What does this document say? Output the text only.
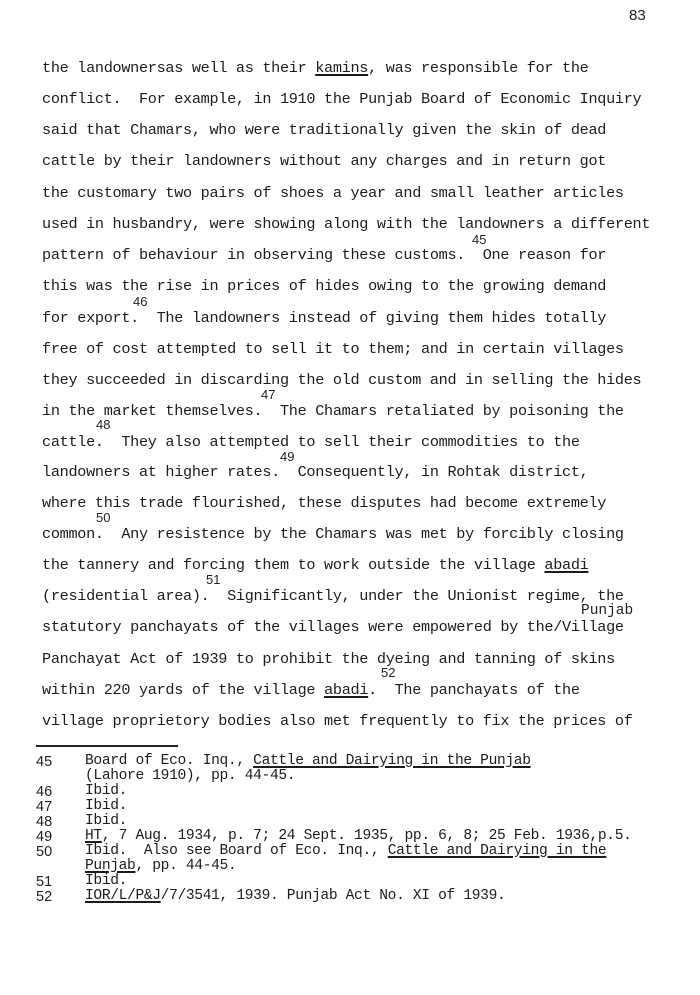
83
the landownersas well as their kamins, was responsible for the
conflict.  For example, in 1910 the Punjab Board of Economic Inquiry
said that Chamars, who were traditionally given the skin of dead
cattle by their landowners without any charges and in return got
the customary two pairs of shoes a year and small leather articles
used in husbandry, were showing along with the landowners a different
pattern of behaviour in observing these customs.  One reason for
this was the rise in prices of hides owing to the growing demand
for export.  The landowners instead of giving them hides totally
free of cost attempted to sell it to them; and in certain villages
they succeeded in discarding the old custom and in selling the hides
in the market themselves.  The Chamars retaliated by poisoning the
cattle.  They also attempted to sell their commodities to the
landowners at higher rates.  Consequently, in Rohtak district,
where this trade flourished, these disputes had become extremely
common.  Any resistence by the Chamars was met by forcibly closing
the tannery and forcing them to work outside the village abadi
(residential area).  Significantly, under the Unionist regime, the
statutory panchayats of the villages were empowered by the/Village
Panchayat Act of 1939 to prohibit the dyeing and tanning of skins
within 220 yards of the village abadi.  The panchayats of the
village proprietory bodies also met frequently to fix the prices of
45
46
47
48
49
50
51
Punjab
52
45 Board of Eco. Inq., Cattle and Dairying in the Punjab
(Lahore 1910), pp. 44-45.
46 Ibid.
47 Ibid.
48 Ibid.
49 HT, 7 Aug. 1934, p. 7; 24 Sept. 1935, pp. 6, 8; 25 Feb. 1936,p.5.
50 Ibid.  Also see Board of Eco. Inq., Cattle and Dairying in the
Punjab, pp. 44-45.
51 Ibid.
52 IOR/L/P&J/7/3541, 1939. Punjab Act No. XI of 1939.
